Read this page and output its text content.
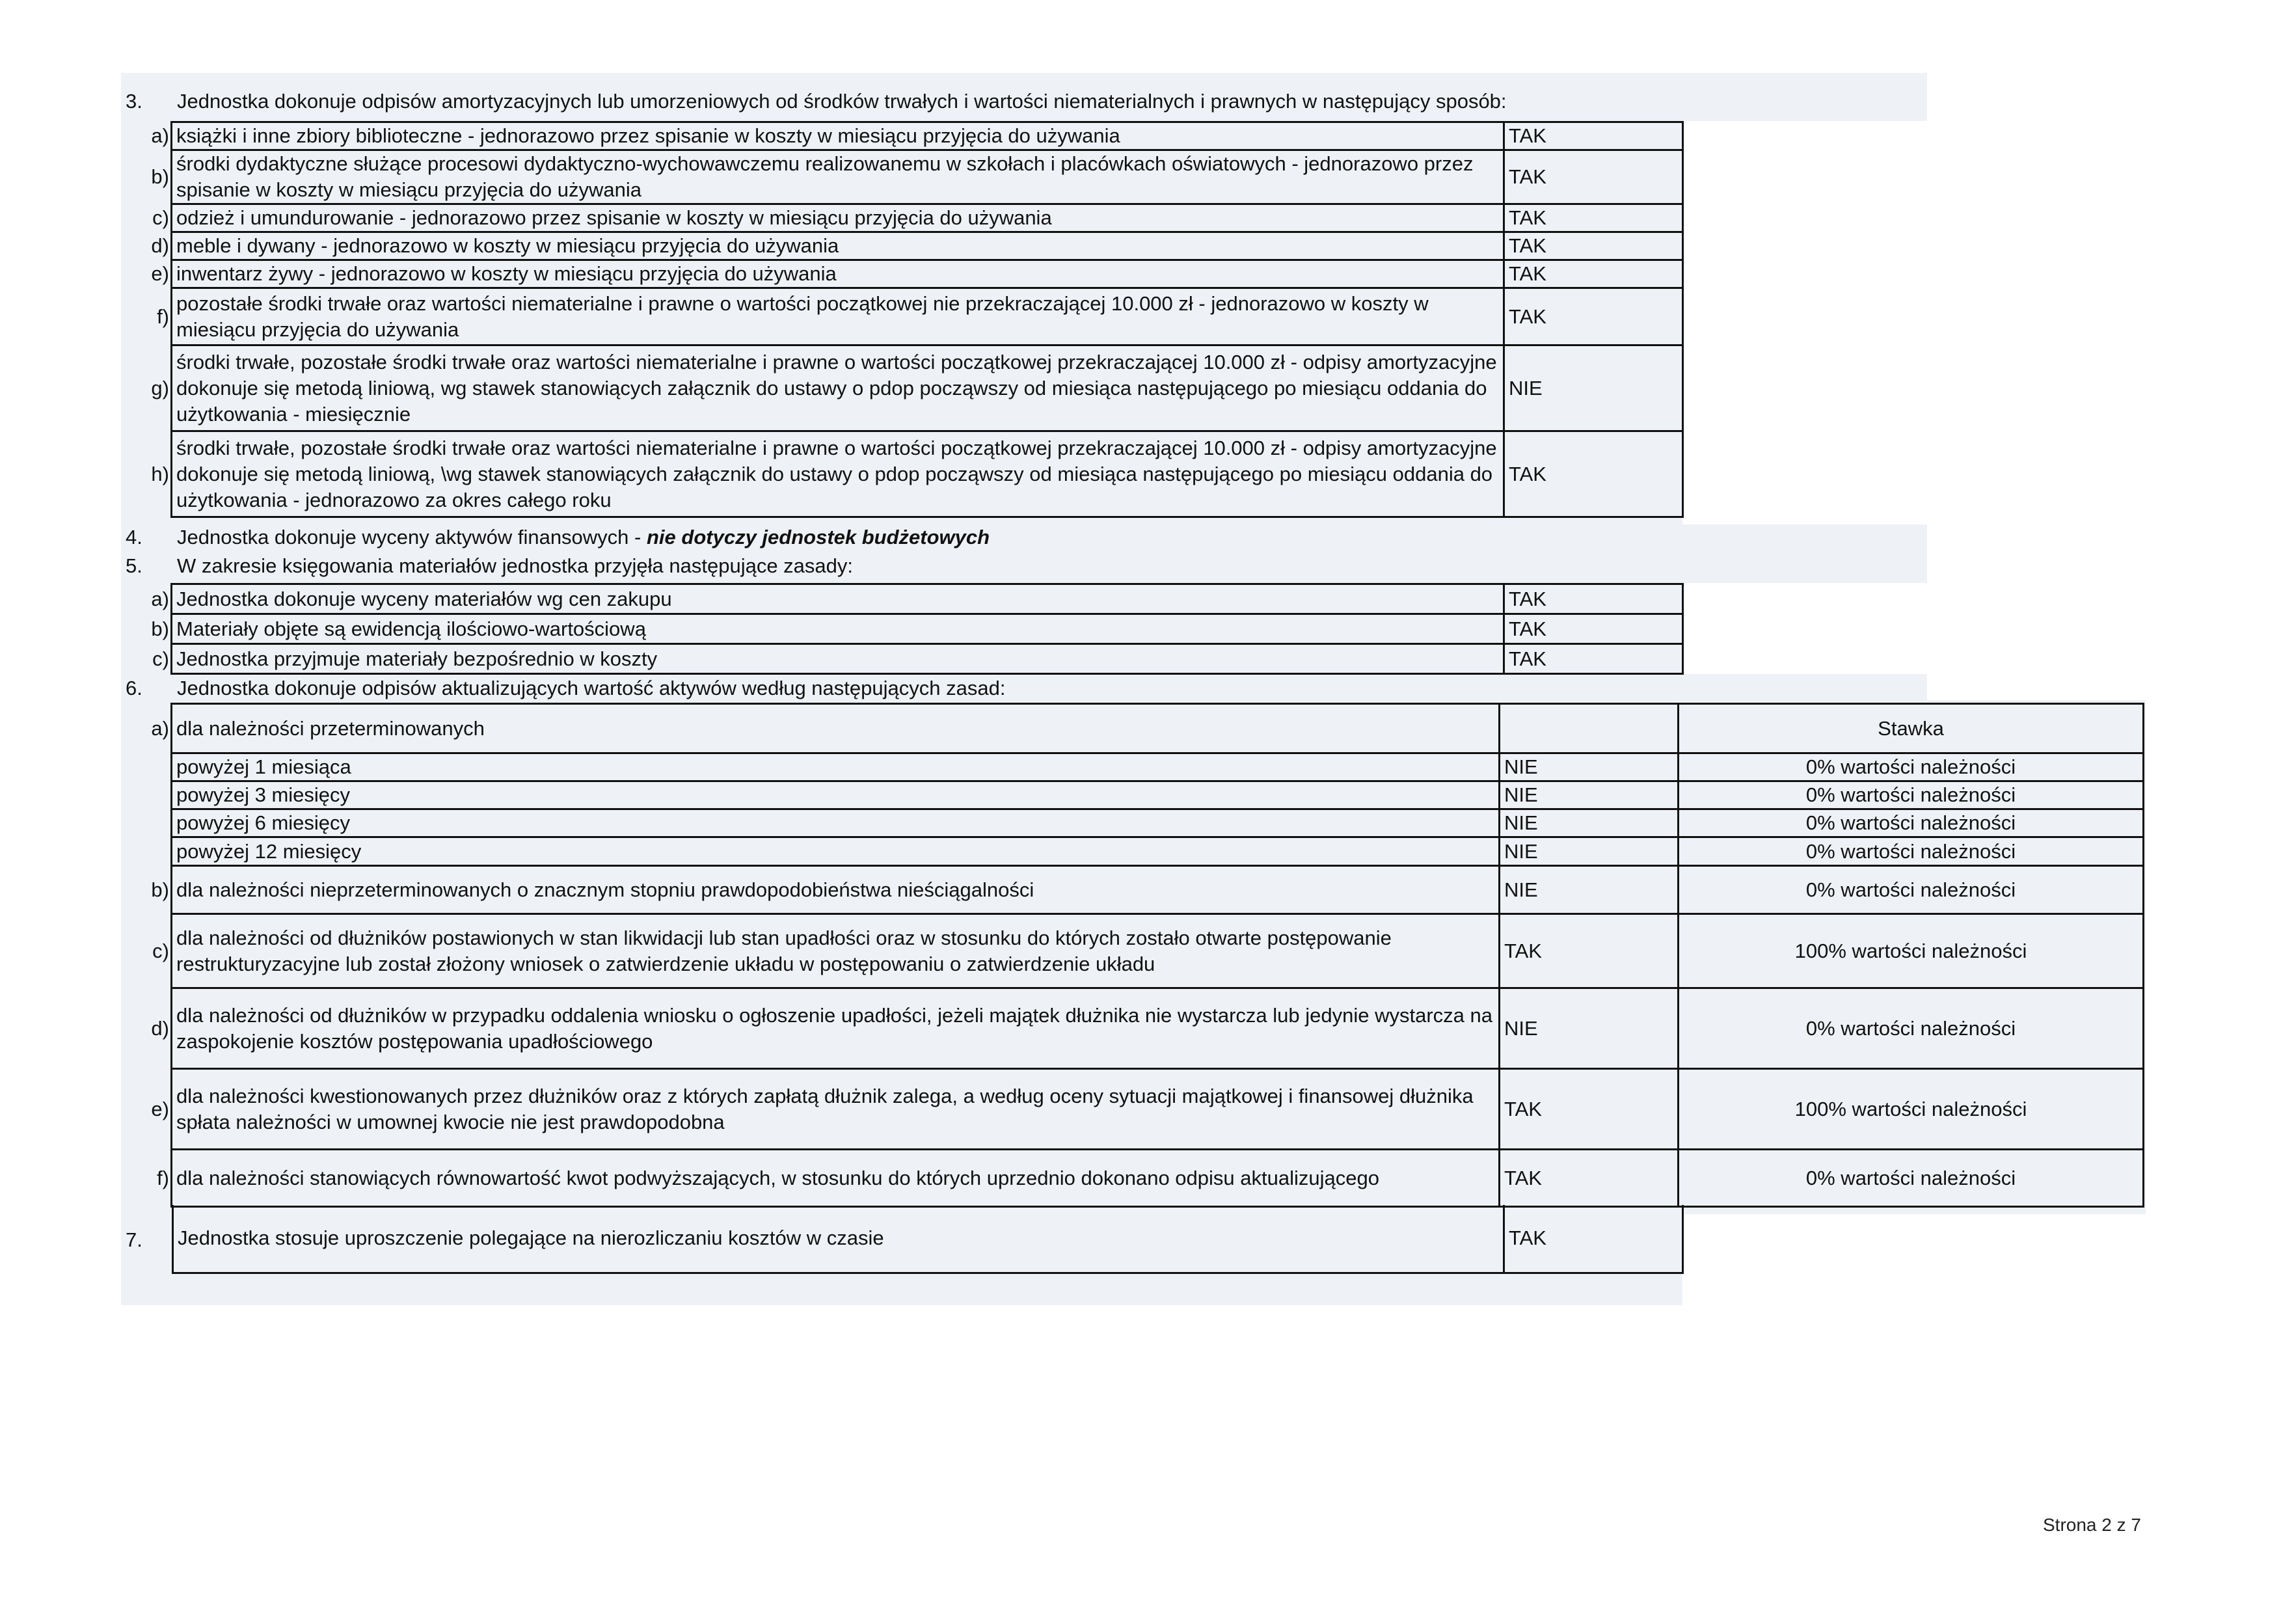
3. Jednostka dokonuje odpisów amortyzacyjnych lub umorzeniowych od środków trwałych i wartości niematerialnych i prawnych w następujący sposób:
a)	książki i inne zbiory biblioteczne - jednorazowo przez spisanie w koszty w miesiącu przyjęcia do używania	TAK
b)	środki dydaktyczne służące procesowi dydaktyczno-wychowawczemu realizowanemu w szkołach i placówkach oświatowych - jednorazowo przez spisanie w koszty w miesiącu przyjęcia do używania	TAK
c)	odzież i umundurowanie - jednorazowo przez spisanie w koszty w miesiącu przyjęcia do używania	TAK
d)	meble i dywany - jednorazowo w koszty w miesiącu przyjęcia do używania	TAK
e)	inwentarz żywy - jednorazowo w koszty w miesiącu przyjęcia do używania	TAK
f)	pozostałe środki trwałe oraz wartości niematerialne i prawne o wartości początkowej nie przekraczającej 10.000 zł - jednorazowo w koszty w miesiącu przyjęcia do używania	TAK
g)	środki trwałe, pozostałe środki trwałe oraz wartości niematerialne i prawne o wartości początkowej przekraczającej 10.000 zł - odpisy amortyzacyjne dokonuje się metodą liniową, wg stawek stanowiących załącznik do ustawy o pdop począwszy od miesiąca następującego po miesiącu oddania do użytkowania - miesięcznie	NIE
h)	środki trwałe, pozostałe środki trwałe oraz wartości niematerialne i prawne o wartości początkowej przekraczającej 10.000 zł - odpisy amortyzacyjne dokonuje się metodą liniową, \wg stawek stanowiących załącznik do ustawy o pdop począwszy od miesiąca następującego po miesiącu oddania do użytkowania - jednorazowo za okres całego roku	TAK
4. Jednostka dokonuje wyceny aktywów finansowych - nie dotyczy jednostek budżetowych
5. W zakresie księgowania materiałów jednostka przyjęła następujące zasady:
a)	Jednostka dokonuje wyceny materiałów wg cen zakupu	TAK
b)	Materiały objęte są ewidencją ilościowo-wartościową	TAK
c)	Jednostka przyjmuje materiały bezpośrednio w koszty	TAK
6. Jednostka dokonuje odpisów aktualizujących wartość aktywów według następujących zasad:
a)	dla należności przeterminowanych		Stawka
	powyżej 1 miesiąca	NIE	0% wartości należności
	powyżej 3 miesięcy	NIE	0% wartości należności
	powyżej 6 miesięcy	NIE	0% wartości należności
	powyżej 12 miesięcy	NIE	0% wartości należności
b)	dla należności nieprzeterminowanych o znacznym stopniu prawdopodobieństwa nieściągalności	NIE	0% wartości należności
c)	dla należności od dłużników postawionych w stan likwidacji lub stan upadłości oraz w stosunku do których zostało otwarte postępowanie restrukturyzacyjne lub został złożony wniosek o zatwierdzenie układu w postępowaniu o zatwierdzenie układu	TAK	100% wartości należności
d)	dla należności od dłużników w przypadku oddalenia wniosku o ogłoszenie upadłości, jeżeli majątek dłużnika nie wystarcza lub jedynie wystarcza na zaspokojenie kosztów postępowania upadłościowego	NIE	0% wartości należności
e)	dla należności kwestionowanych przez dłużników oraz z których zapłatą dłużnik zalega, a według oceny sytuacji majątkowej i finansowej dłużnika spłata należności w umownej kwocie nie jest prawdopodobna	TAK	100% wartości należności
f)	dla należności stanowiących równowartość kwot podwyższających, w stosunku do których uprzednio dokonano odpisu aktualizującego	TAK	0% wartości należności
7. Jednostka stosuje uproszczenie polegające na nierozliczaniu kosztów w czasie	TAK
Strona 2 z 7
